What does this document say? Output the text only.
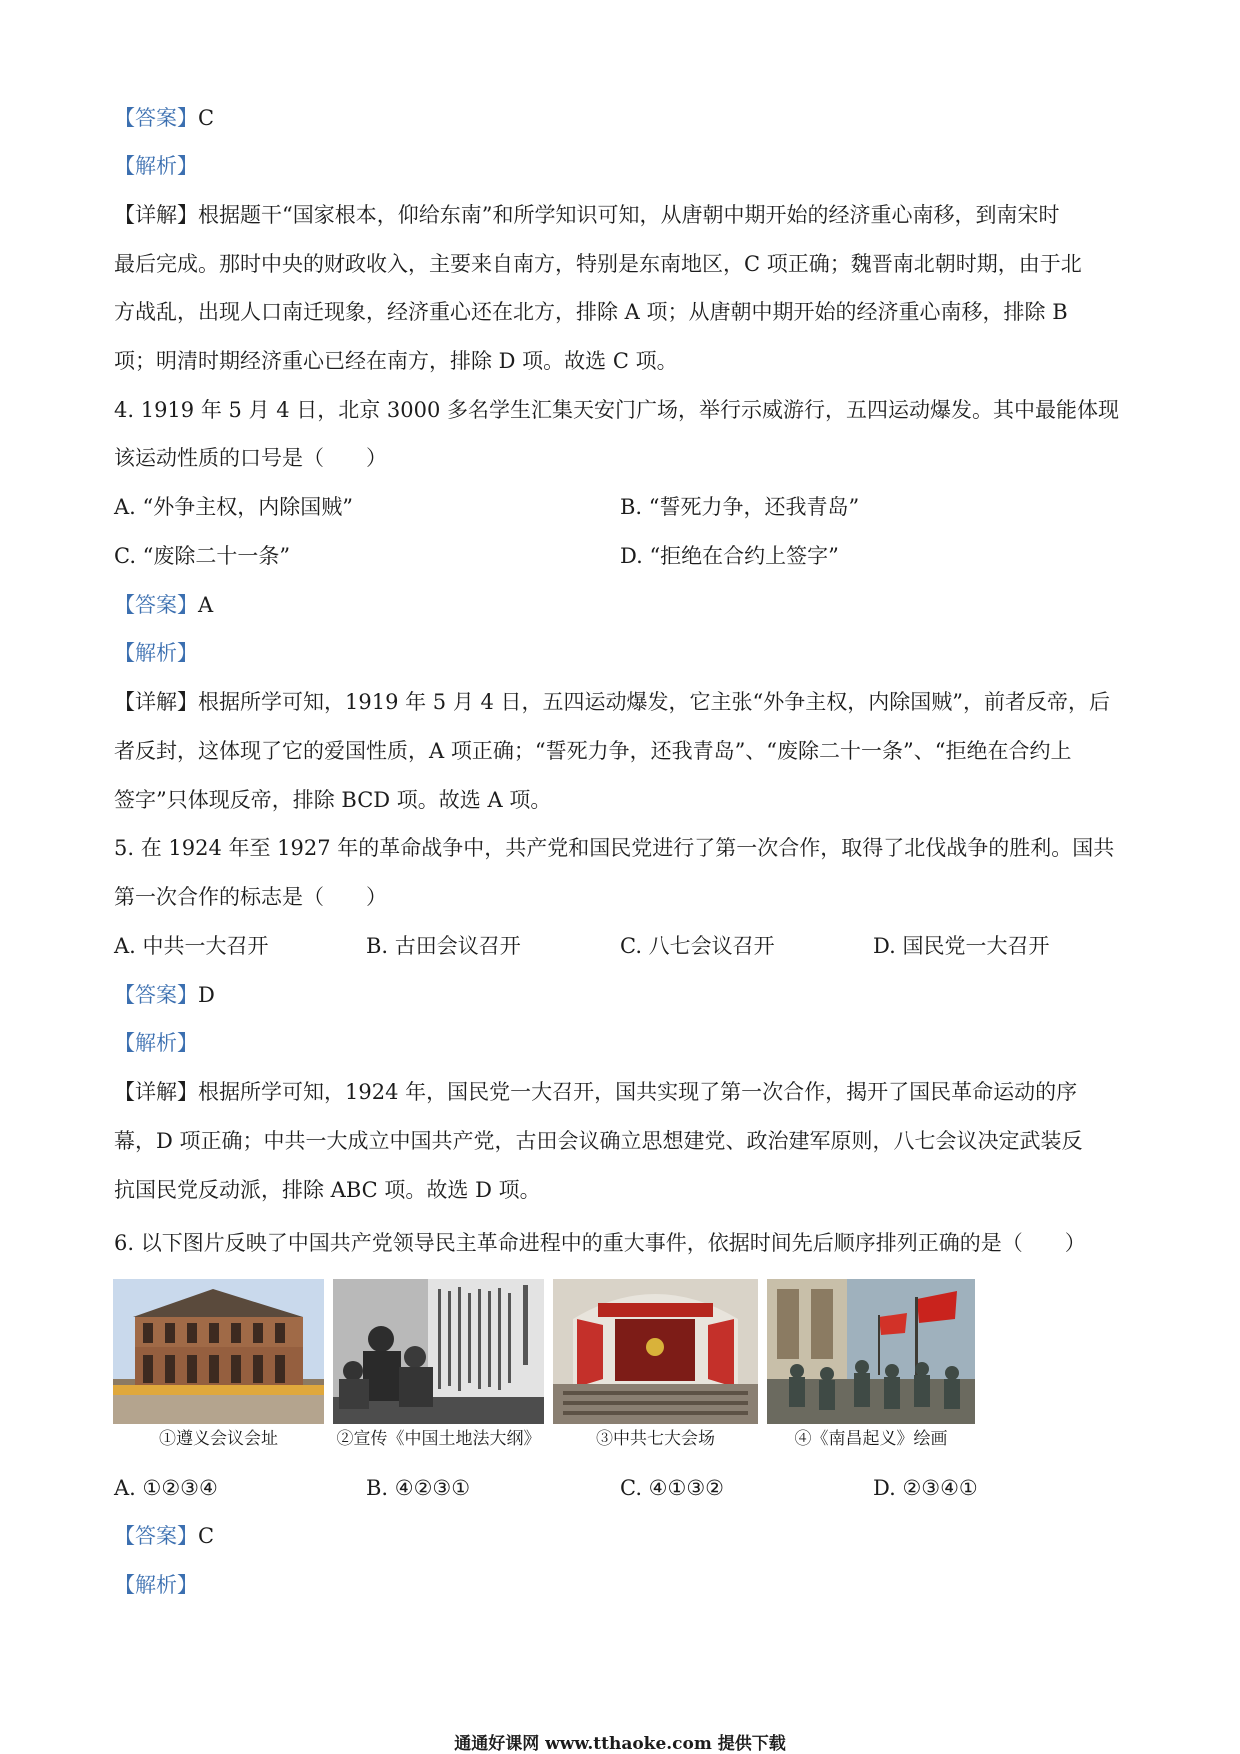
【答案】C
【解析】
【详解】根据题干“国家根本，仰给东南”和所学知识可知，从唐朝中期开始的经济重心南移，到南宋时
最后完成。那时中央的财政收入，主要来自南方，特别是东南地区，C 项正确；魏晋南北朝时期，由于北
方战乱，出现人口南迁现象，经济重心还在北方，排除 A 项；从唐朝中期开始的经济重心南移，排除 B
项；明清时期经济重心已经在南方，排除 D 项。故选 C 项。
4. 1919 年 5 月 4 日，北京 3000 多名学生汇集天安门广场，举行示威游行，五四运动爆发。其中最能体现
该运动性质的口号是（　　）
A. “外争主权，内除国贼”	B. “誓死力争，还我青岛”
C. “废除二十一条”	D. “拒绝在合约上签字”
【答案】A
【解析】
【详解】根据所学可知，1919 年 5 月 4 日，五四运动爆发，它主张“外争主权，内除国贼”，前者反帝，后
者反封，这体现了它的爱国性质，A 项正确；“誓死力争，还我青岛”、“废除二十一条”、“拒绝在合约上
签字”只体现反帝，排除 BCD 项。故选 A 项。
5. 在 1924 年至 1927 年的革命战争中，共产党和国民党进行了第一次合作，取得了北伐战争的胜利。国共
第一次合作的标志是（　　）
A. 中共一大召开	B. 古田会议召开	C. 八七会议召开	D. 国民党一大召开
【答案】D
【解析】
【详解】根据所学可知，1924 年，国民党一大召开，国共实现了第一次合作，揭开了国民革命运动的序
幕，D 项正确；中共一大成立中国共产党，古田会议确立思想建党、政治建军原则，八七会议决定武装反
抗国民党反动派，排除 ABC 项。故选 D 项。
6. 以下图片反映了中国共产党领导民主革命进程中的重大事件，依据时间先后顺序排列正确的是（　　）
①遵义会议会址	②宣传《中国土地法大纲》	③中共七大会场	④《南昌起义》绘画
A. ①②③④	B. ④②③①	C. ④①③②	D. ②③④①
【答案】C
【解析】
通通好课网 www.tthaoke.com 提供下载
